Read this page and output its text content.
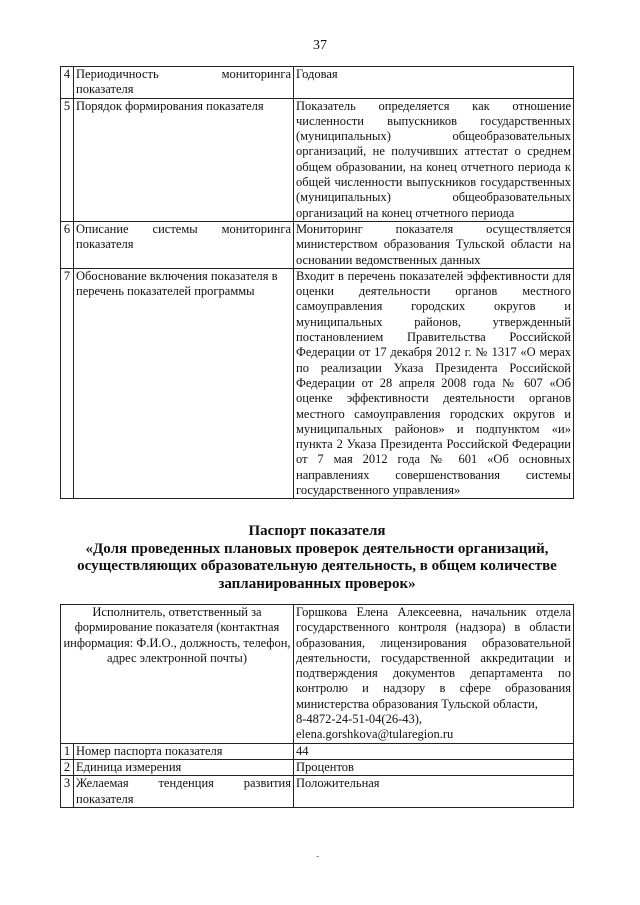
37
4	Периодичность мониторинга показателя	Годовая
5	Порядок формирования показателя	Показатель определяется как отношение численности выпускников государственных (муниципальных) общеобразовательных организаций, не получивших аттестат о среднем общем образовании, на конец отчетного периода к общей численности выпускников государственных (муниципальных) общеобразовательных организаций на конец отчетного периода
6	Описание системы мониторинга показателя	Мониторинг показателя осуществляется министерством образования Тульской области на основании ведомственных данных
7	Обоснование включения показателя в перечень показателей программы	Входит в перечень показателей эффективности для оценки деятельности органов местного самоуправления городских округов и муниципальных районов, утвержденный постановлением Правительства Российской Федерации от 17 декабря 2012 г. № 1317 «О мерах по реализации Указа Президента Российской Федерации от 28 апреля 2008 года № 607 «Об оценке эффективности деятельности органов местного самоуправления городских округов и муниципальных районов» и подпунктом «и» пункта 2 Указа Президента Российской Федерации от 7 мая 2012 года № 601 «Об основных направлениях совершенствования системы государственного управления»
Паспорт показателя
«Доля проведенных плановых проверок деятельности организаций, осуществляющих образовательную деятельность, в общем количестве запланированных проверок»
Исполнитель, ответственный за формирование показателя (контактная информация: Ф.И.О., должность, телефон, адрес электронной почты)		Горшкова Елена Алексеевна, начальник отдела государственного контроля (надзора) в области образования, лицензирования образовательной деятельности, государственной аккредитации и подтверждения документов департамента по контролю и надзору в сфере образования министерства образования Тульской области,
8-4872-24-51-04(26-43),
elena.gorshkova@tularegion.ru
1	Номер паспорта показателя	44
2	Единица измерения	Процентов
3	Желаемая тенденция развития показателя	Положительная
-
